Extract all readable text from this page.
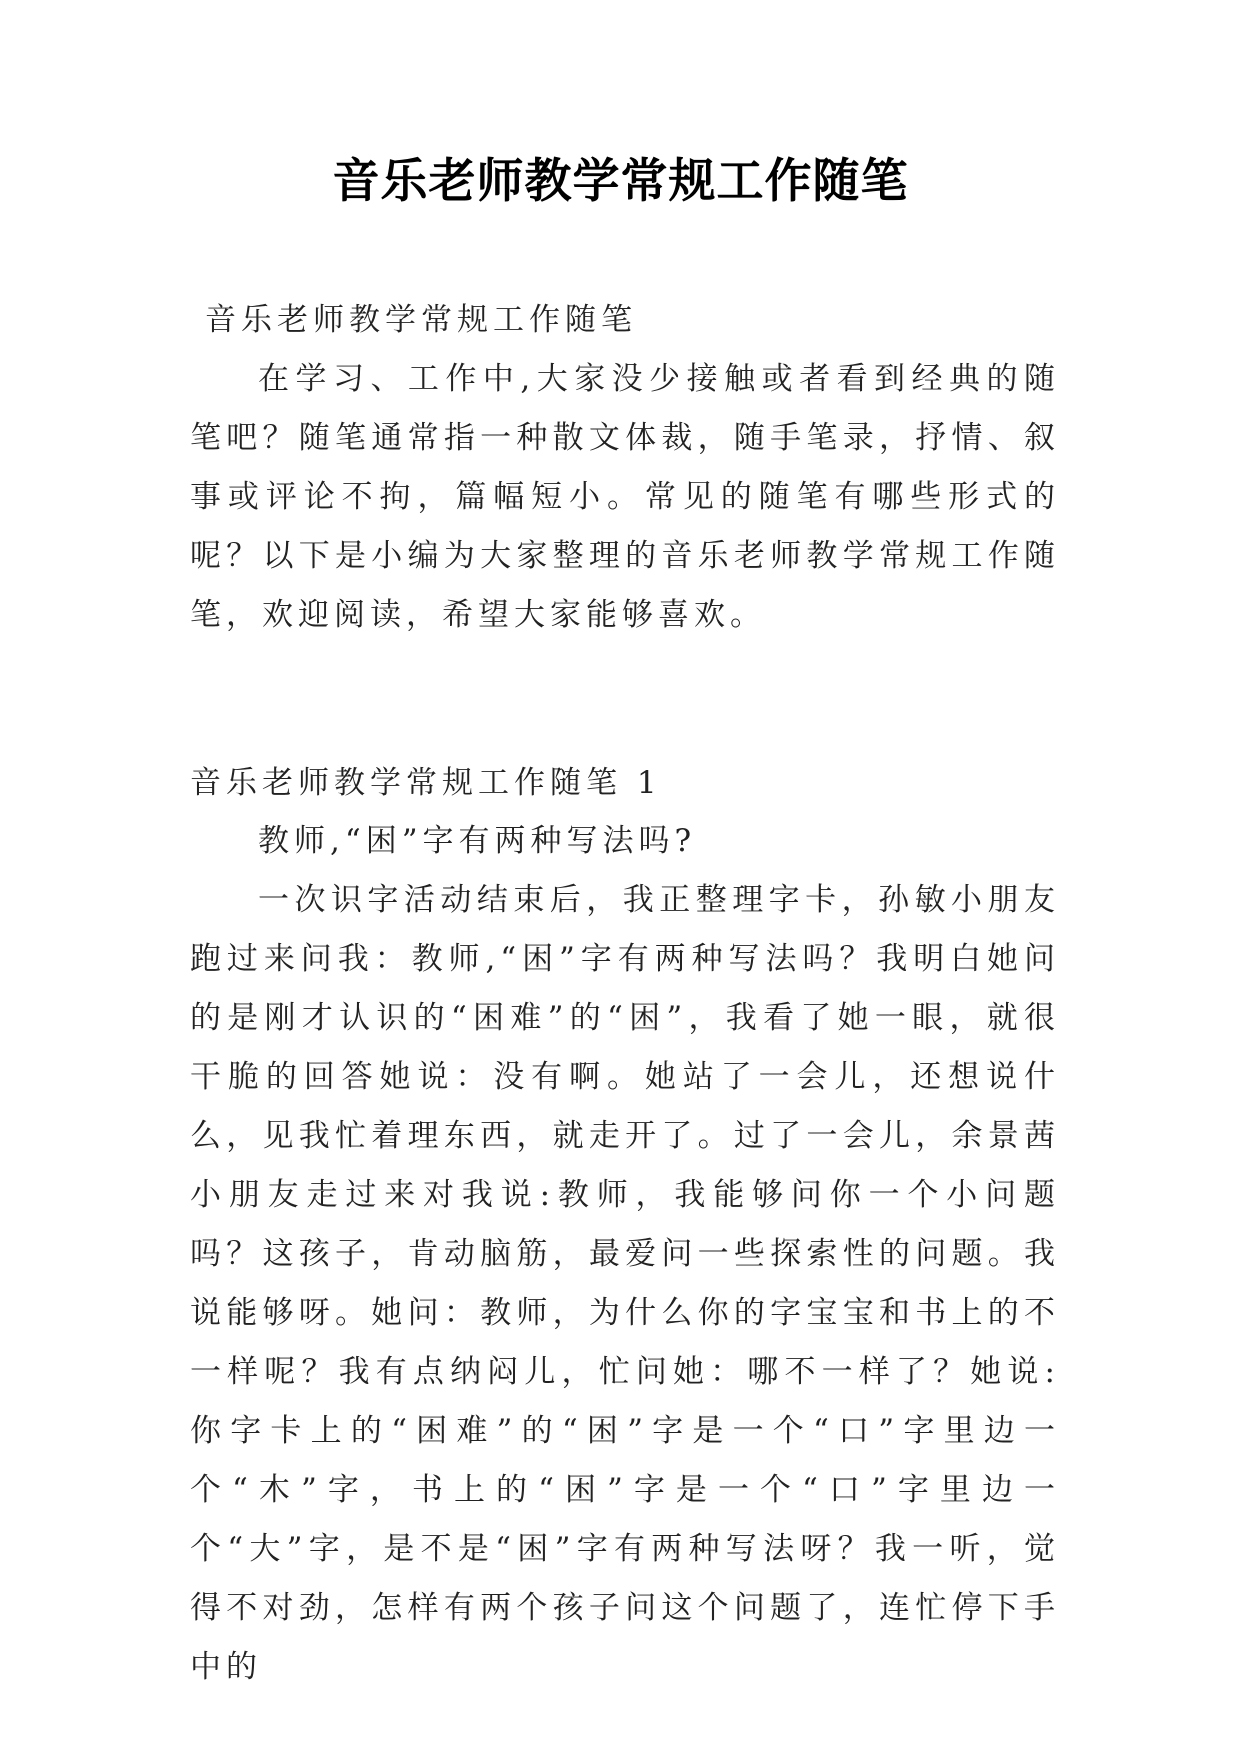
音乐老师教学常规工作随笔
音乐老师教学常规工作随笔

在学习、工作中,大家没少接触或者看到经典的随笔吧？随笔通常指一种散文体裁，随手笔录，抒情、叙事或评论不拘，篇幅短小。常见的随笔有哪些形式的呢？以下是小编为大家整理的音乐老师教学常规工作随笔，欢迎阅读，希望大家能够喜欢。

音乐老师教学常规工作随笔 1

教师,“困”字有两种写法吗?

一次识字活动结束后，我正整理字卡，孙敏小朋友跑过来问我：教师,“困”字有两种写法吗？我明白她问的是刚才认识的“困难”的“困”，我看了她一眼，就很干脆的回答她说：没有啊。她站了一会儿，还想说什么，见我忙着理东西，就走开了。过了一会儿，余景茜小朋友走过来对我说:教师，我能够问你一个小问题吗？这孩子，肯动脑筋，最爱问一些探索性的问题。我说能够呀。她问：教师，为什么你的字宝宝和书上的不一样呢？我有点纳闷儿，忙问她：哪不一样了？她说:你字卡上的“困难”的“困”字是一个“口”字里边一个“木”字，书上的“困”字是一个“口”字里边一个“大”字，是不是“困”字有两种写法呀？我一听，觉得不对劲，怎样有两个孩子问这个问题了，连忙停下手中的
